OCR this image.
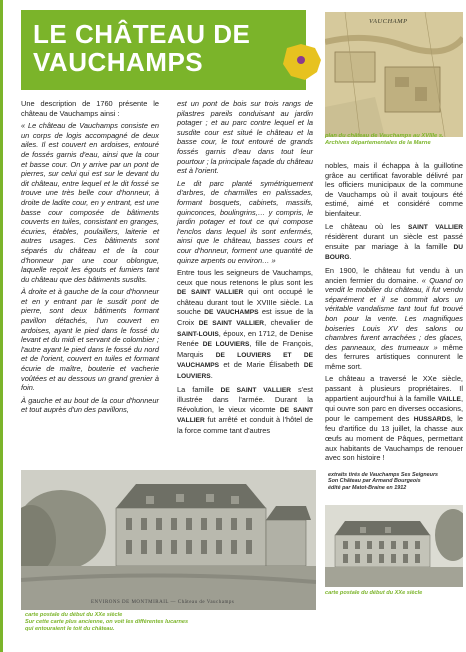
LE CHÂTEAU DE
VAUCHAMPS
VAUCHAMP
plan du château de Vauchamps au XVIIIe s. Archives départementales de la Marne

Une description de 1760 présente le château de Vauchamps ainsi :

« Le château de Vauchamps consiste en un corps de logis accompagné de deux ailes. Il est couvert en ardoises, entouré de fossés garnis d'eau, ainsi que la cour et basse cour. On y arrive par un pont de pierres, sur celui qui est sur le devant du dit château, entre lequel et le dit fossé se trouve une très belle cour d'honneur, à droite de ladite cour, en y entrant, est une basse cour composée de bâtiments couverts en tuiles, consistant en granges, écuries, étables, poulaillers, laiterie et autres usages. Ces bâtiments sont séparés du château et de la cour d'honneur par une cour oblongue, laquelle reçoit les égouts et fumiers tant du château que des bâtiments susdits.

À droite et à gauche de la cour d'honneur et en y entrant par le susdit pont de pierre, sont deux bâtiments formant pavillon détachés, l'un couvert en ardoises, ayant le pied dans le fossé du levant et du midi et servant de colombier ; l'autre ayant le pied dans le fossé du nord et de l'orient, couvert en tuiles et formant écurie de maître, bouterie et vacherie voûtées et au dessous un grand grenier à foin.

À gauche et au bout de la cour d'honneur et tout auprès d'un des pavillons,

est un pont de bois sur trois rangs de pilastres pareils conduisant au jardin potager ; et au parc contre lequel et la susdite cour est situé le château et la basse cour, le tout entouré de grands fossés garnis d'eau dans tout leur pourtour ; la principale façade du château est à l'orient.

Le dit parc planté symétriquement d'arbres, de charmilles en palissades, formant bosquets, cabinets, massifs, quinconces, boulingrins,… y compris, le jardin potager et tout ce qui compose l'enclos dans lequel ils sont enfermés, ainsi que le château, basses cours et cour d'honneur, forment une quantité de quinze arpents ou environ… »

Entre tous les seigneurs de Vauchamps, ceux que nous retenons le plus sont les DE SAINT VALLIER qui ont occupé le château durant tout le XVIIIe siècle. La souche DE VAUCHAMPS est issue de la Croix DE SAINT VALLIER, chevalier de SAINT-LOUIS, époux, en 1712, de Denise Renée DE LOUVIERS, fille de François, Marquis DE LOUVIERS ET DE VAUCHAMPS et de Marie Élisabeth DE LOUVIERS.

La famille DE SAINT VALLIER s'est illustrée dans l'armée. Durant la Révolution, le vieux vicomte DE SAINT VALLIER fut arrêté et conduit à l'hôtel de la force comme tant d'autres

nobles, mais il échappa à la guillotine grâce au certificat favorable délivré par les officiers municipaux de la commune de Vauchamps où il avait toujours été estimé, aimé et considéré comme bienfaiteur.

Le château où les SAINT VALLIER résidèrent durant un siècle est passé ensuite par mariage à la famille DU BOURG.

En 1900, le château fut vendu à un ancien fermier du domaine. « Quand on vendit le mobilier du château, il fut vendu séparément et il se commit alors un véritable vandalisme tant tout fut trouvé bon pour la vente. Les magnifiques boiseries Louis XV des salons ou chambres furent arrachées ; des glaces, des panneaux, des trumeaux » même des ferrures artistiques connurent le même sort.

Le château a traversé le XXe siècle, passant à plusieurs propriétaires. Il appartient aujourd'hui à la famille VAILLE, qui ouvre son parc en diverses occasions, pour le campement des HUSSARDS, le feu d'artifice du 13 juillet, la chasse aux œufs au moment de Pâques, permettant aux habitants de Vauchamps de renouer avec son histoire !

extraits tirés de Vauchamps Ses Seigneurs
Son Château par Armand Bourgeois
édité par Matot-Braine en 1912
ENVIRONS DE MONTMIRAIL — Château de Vauchamps
carte postale du début du XXe siècle
Sur cette carte plus ancienne, on voit les différentes lucarnes
qui entouraient le toit du château.
carte postale du début du XXe siècle
